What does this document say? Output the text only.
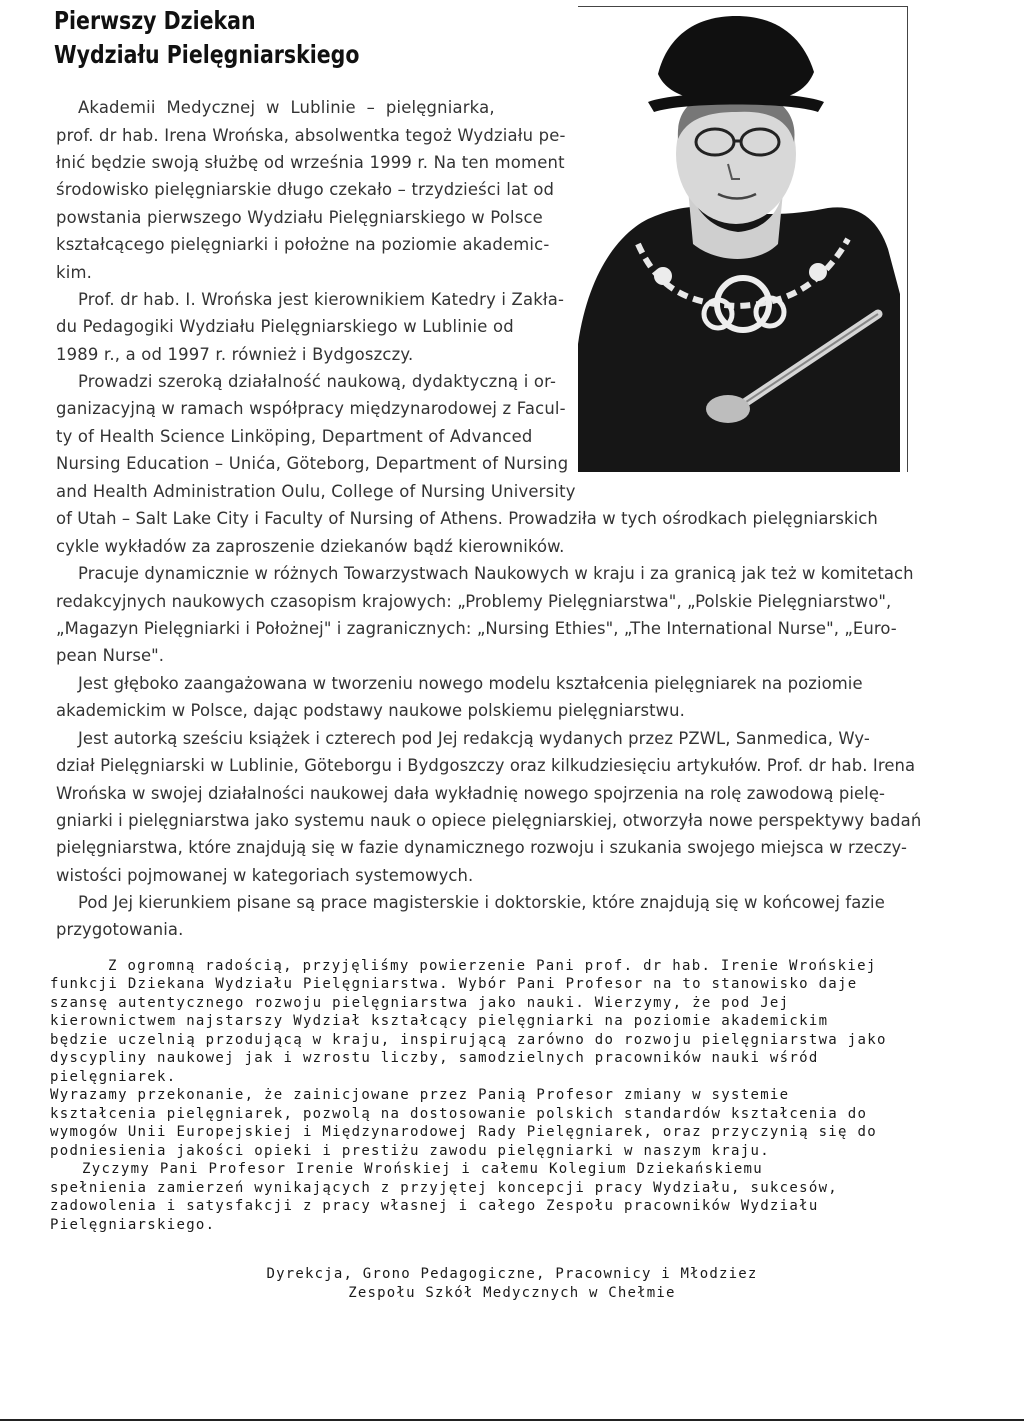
Pierwszy Dziekan
Wydziału Pielęgniarskiego
Akademii  Medycznej  w  Lublinie  –  pielęgniarka,
prof. dr hab. Irena Wrońska, absolwentka tegoż Wydziału pe-
łnić będzie swoją służbę od września 1999 r. Na ten moment
środowisko pielęgniarskie długo czekało – trzydzieści lat od
powstania pierwszego Wydziału Pielęgniarskiego w Polsce
kształcącego pielęgniarki i położne na poziomie akademic-
kim.
Prof. dr hab. I. Wrońska jest kierownikiem Katedry i Zakła-
du Pedagogiki Wydziału Pielęgniarskiego w Lublinie od
1989 r., a od 1997 r. również i Bydgoszczy.
Prowadzi szeroką działalność naukową, dydaktyczną i or-
ganizacyjną w ramach współpracy międzynarodowej z Facul-
ty of Health Science Linköping, Department of Advanced
Nursing Education – Unića, Göteborg, Department of Nursing
and Health Administration Oulu, College of Nursing University
of Utah – Salt Lake City i Faculty of Nursing of Athens. Prowadziła w tych ośrodkach pielęgniarskich
cykle wykładów za zaproszenie dziekanów bądź kierowników.
Pracuje dynamicznie w różnych Towarzystwach Naukowych w kraju i za granicą jak też w komitetach
redakcyjnych naukowych czasopism krajowych: „Problemy Pielęgniarstwa", „Polskie Pielęgniarstwo",
„Magazyn Pielęgniarki i Położnej" i zagranicznych: „Nursing Ethies", „The International Nurse", „Euro-
pean Nurse".
Jest głęboko zaangażowana w tworzeniu nowego modelu kształcenia pielęgniarek na poziomie
akademickim w Polsce, dając podstawy naukowe polskiemu pielęgniarstwu.
Jest autorką sześciu książek i czterech pod Jej redakcją wydanych przez PZWL, Sanmedica, Wy-
dział Pielęgniarski w Lublinie, Göteborgu i Bydgoszczy oraz kilkudziesięciu artykułów. Prof. dr hab. Irena
Wrońska w swojej działalności naukowej dała wykładnię nowego spojrzenia na rolę zawodową pielę-
gniarki i pielęgniarstwa jako systemu nauk o opiece pielęgniarskiej, otworzyła nowe perspektywy badań
pielęgniarstwa, które znajdują się w fazie dynamicznego rozwoju i szukania swojego miejsca w rzeczy-
wistości pojmowanej w kategoriach systemowych.
Pod Jej kierunkiem pisane są prace magisterskie i doktorskie, które znajdują się w końcowej fazie
przygotowania.
Z ogromną radością, przyjęliśmy powierzenie Pani prof. dr hab. Irenie Wrońskiej
funkcji Dziekana Wydziału Pielęgniarstwa. Wybór Pani Profesor na to stanowisko daje
szansę autentycznego rozwoju pielęgniarstwa jako nauki. Wierzymy, że pod Jej
kierownictwem najstarszy Wydział kształcący pielęgniarki na poziomie akademickim
będzie uczelnią przodującą w kraju, inspirującą zarówno do rozwoju pielęgniarstwa jako
dyscypliny naukowej jak i wzrostu liczby, samodzielnych pracowników nauki wśród
pielęgniarek.
Wyrazamy przekonanie, że zainicjowane przez Panią Profesor zmiany w systemie
kształcenia pielęgniarek, pozwolą na dostosowanie polskich standardów kształcenia do
wymogów Unii Europejskiej i Międzynarodowej Rady Pielęgniarek, oraz przyczynią się do
podniesienia jakości opieki i prestiżu zawodu pielęgniarki w naszym kraju.
Zyczymy Pani Profesor Irenie Wrońskiej i całemu Kolegium Dziekańskiemu
spełnienia zamierzeń wynikających z przyjętej koncepcji pracy Wydziału, sukcesów,
zadowolenia i satysfakcji z pracy własnej i całego Zespołu pracowników Wydziału
Pielęgniarskiego.
Dyrekcja, Grono Pedagogiczne, Pracownicy i Młodziez
Zespołu Szkół Medycznych w Chełmie
